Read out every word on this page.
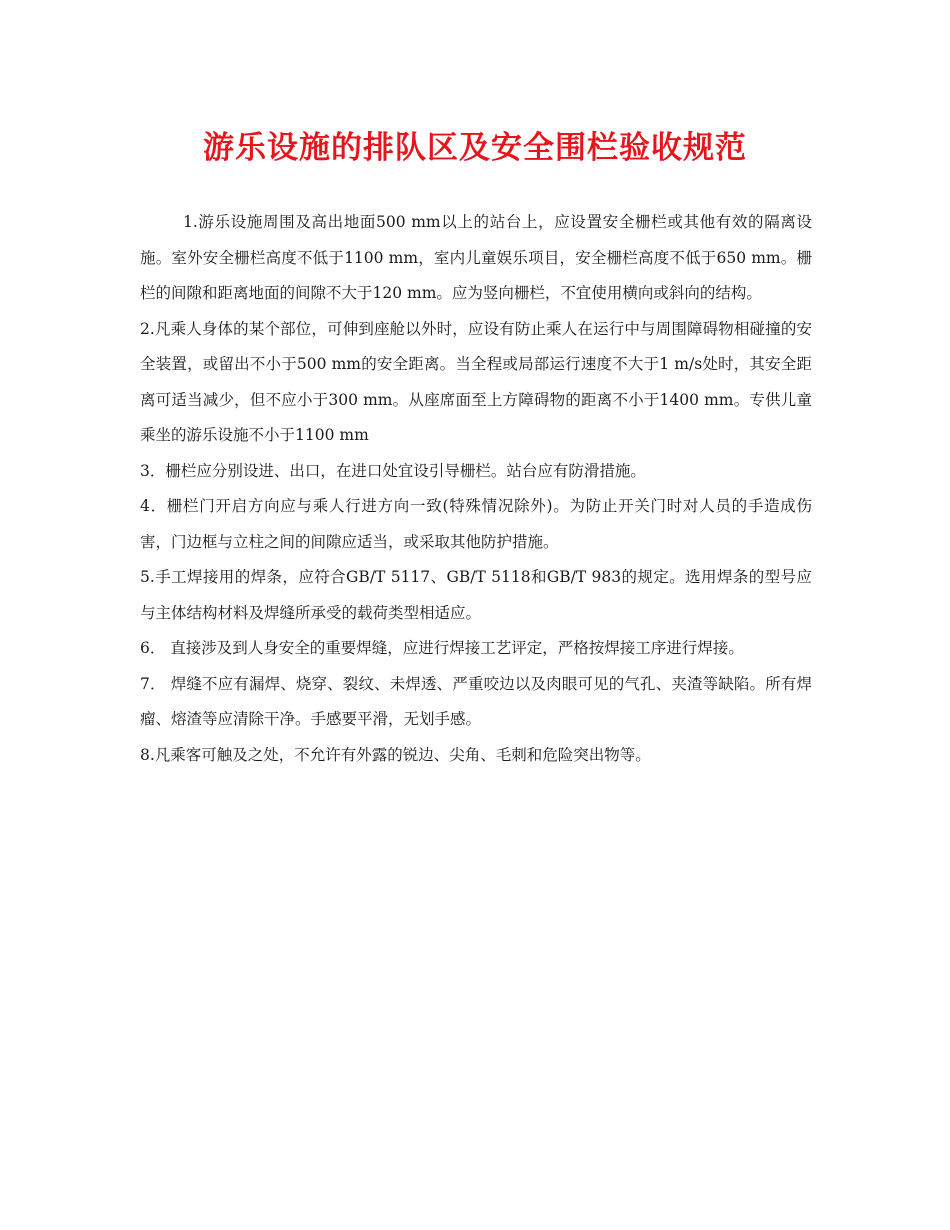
游乐设施的排队区及安全围栏验收规范

1.游乐设施周围及高出地面500 mm以上的站台上，应设置安全栅栏或其他有效的隔离设施。室外安全栅栏高度不低于1100 mm，室内儿童娱乐项目，安全栅栏高度不低于650 mm。栅栏的间隙和距离地面的间隙不大于120 mm。应为竖向栅栏，不宜使用横向或斜向的结构。

2.凡乘人身体的某个部位，可伸到座舱以外时，应设有防止乘人在运行中与周围障碍物相碰撞的安全装置，或留出不小于500 mm的安全距离。当全程或局部运行速度不大于1 m/s处时，其安全距离可适当减少，但不应小于300 mm。从座席面至上方障碍物的距离不小于1400 mm。专供儿童乘坐的游乐设施不小于1100 mm

3．栅栏应分别设进、出口，在进口处宜设引导栅栏。站台应有防滑措施。

4．栅栏门开启方向应与乘人行进方向一致(特殊情况除外)。为防止开关门时对人员的手造成伤害，门边框与立柱之间的间隙应适当，或采取其他防护措施。

5.手工焊接用的焊条，应符合GB/T 5117、GB/T 5118和GB/T 983的规定。选用焊条的型号应与主体结构材料及焊缝所承受的载荷类型相适应。

6． 直接涉及到人身安全的重要焊缝，应进行焊接工艺评定，严格按焊接工序进行焊接。

7． 焊缝不应有漏焊、烧穿、裂纹、未焊透、严重咬边以及肉眼可见的气孔、夹渣等缺陷。所有焊瘤、熔渣等应清除干净。手感要平滑，无划手感。

8.凡乘客可触及之处，不允许有外露的锐边、尖角、毛刺和危险突出物等。
